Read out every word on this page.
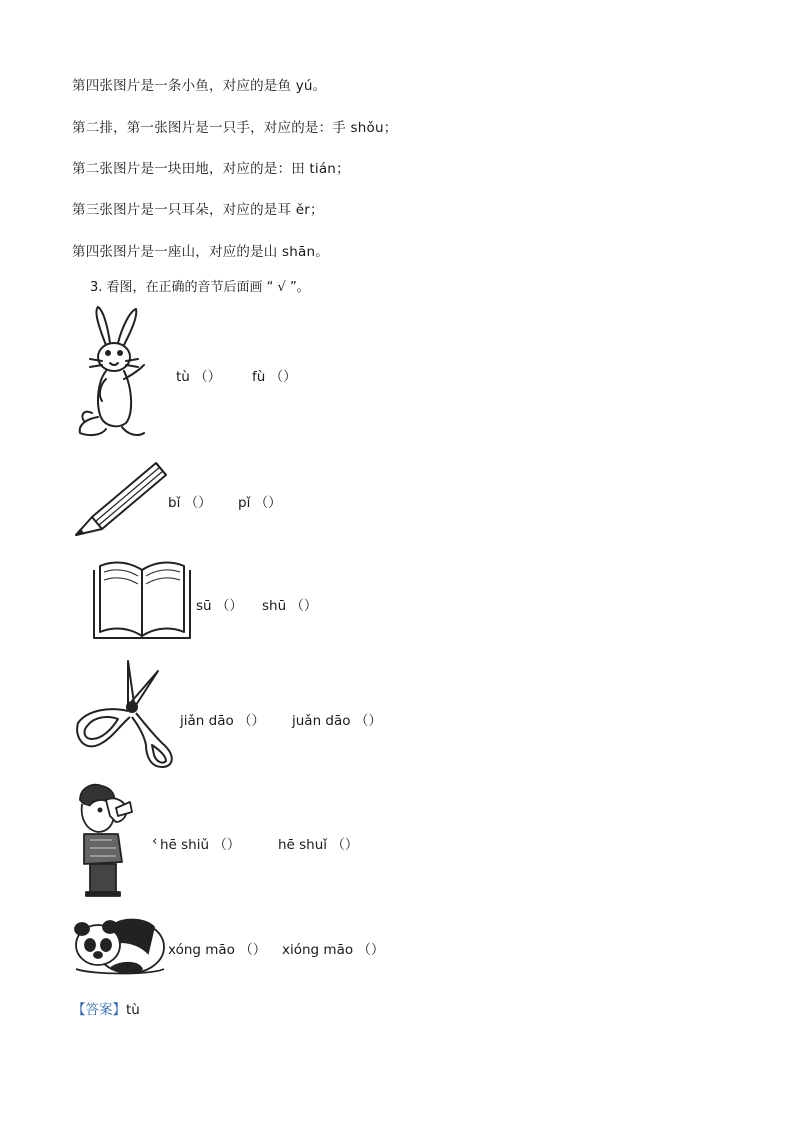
第四张图片是一条小鱼，对应的是鱼 yú。
第二排，第一张图片是一只手，对应的是：手 shǒu；
第二张图片是一块田地，对应的是：田 tián；
第三张图片是一只耳朵，对应的是耳 ěr；
第四张图片是一座山，对应的是山 shān。
3. 看图，在正确的音节后面画 “ √ ”。
tù （） fù （）
bǐ （） pǐ （）
sū （） shū （）
jiǎn dāo （） juǎn dāo （）
‹ hē shiǔ （）	hē shuǐ （）
xóng māo （） xióng māo （）
【答案】tù
